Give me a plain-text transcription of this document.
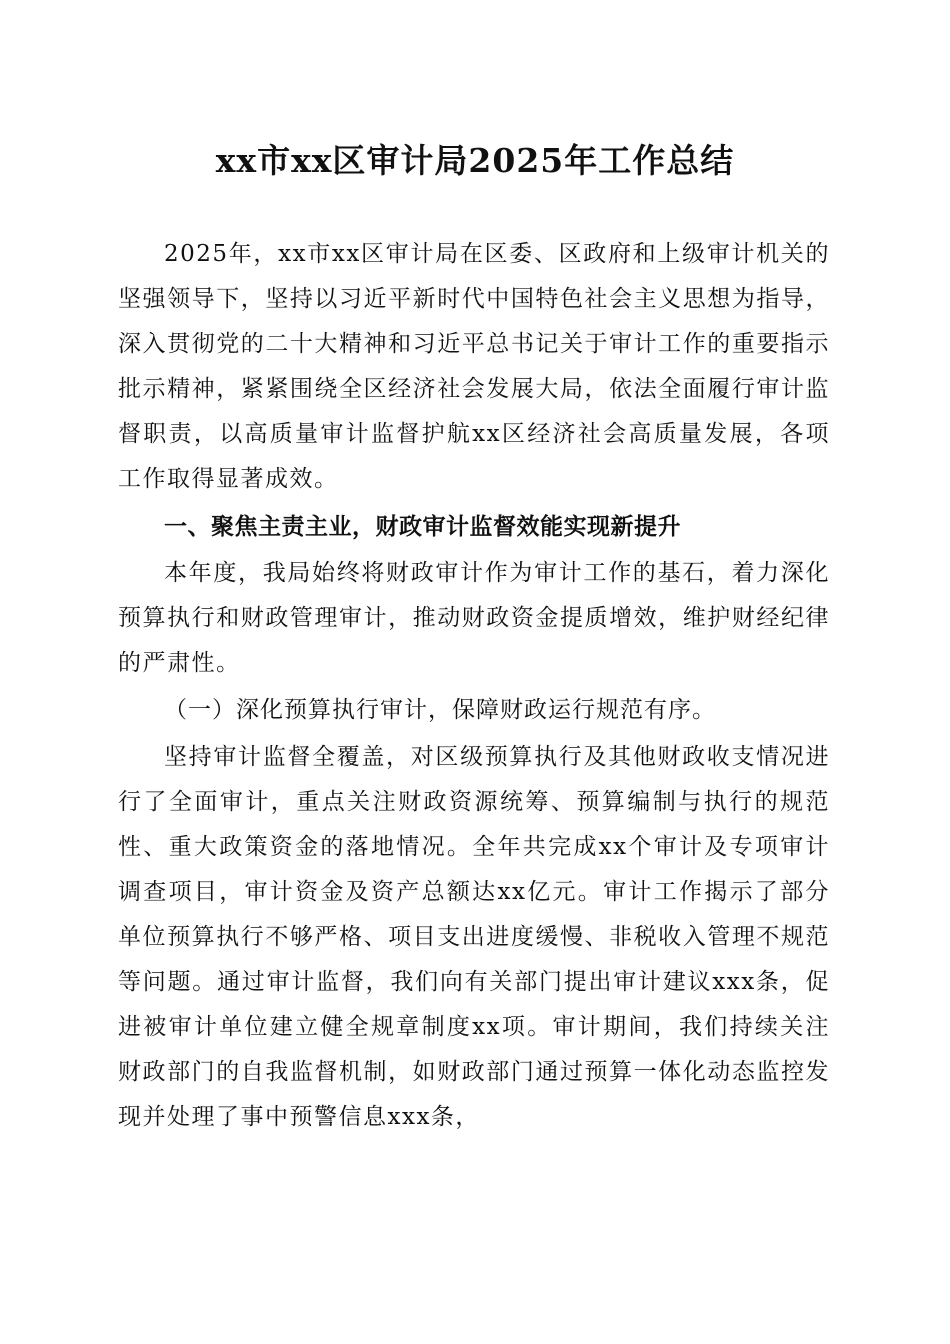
xx市xx区审计局2025年工作总结

2025年，xx市xx区审计局在区委、区政府和上级审计机关的坚强领导下，坚持以习近平新时代中国特色社会主义思想为指导，深入贯彻党的二十大精神和习近平总书记关于审计工作的重要指示批示精神，紧紧围绕全区经济社会发展大局，依法全面履行审计监督职责，以高质量审计监督护航xx区经济社会高质量发展，各项工作取得显著成效。

一、聚焦主责主业，财政审计监督效能实现新提升

本年度，我局始终将财政审计作为审计工作的基石，着力深化预算执行和财政管理审计，推动财政资金提质增效，维护财经纪律的严肃性。

（一）深化预算执行审计，保障财政运行规范有序。

坚持审计监督全覆盖，对区级预算执行及其他财政收支情况进行了全面审计，重点关注财政资源统筹、预算编制与执行的规范性、重大政策资金的落地情况。全年共完成xx个审计及专项审计调查项目，审计资金及资产总额达xx亿元。审计工作揭示了部分单位预算执行不够严格、项目支出进度缓慢、非税收入管理不规范等问题。通过审计监督，我们向有关部门提出审计建议xxx条，促进被审计单位建立健全规章制度xx项。审计期间，我们持续关注财政部门的自我监督机制，如财政部门通过预算一体化动态监控发现并处理了事中预警信息xxx条，
